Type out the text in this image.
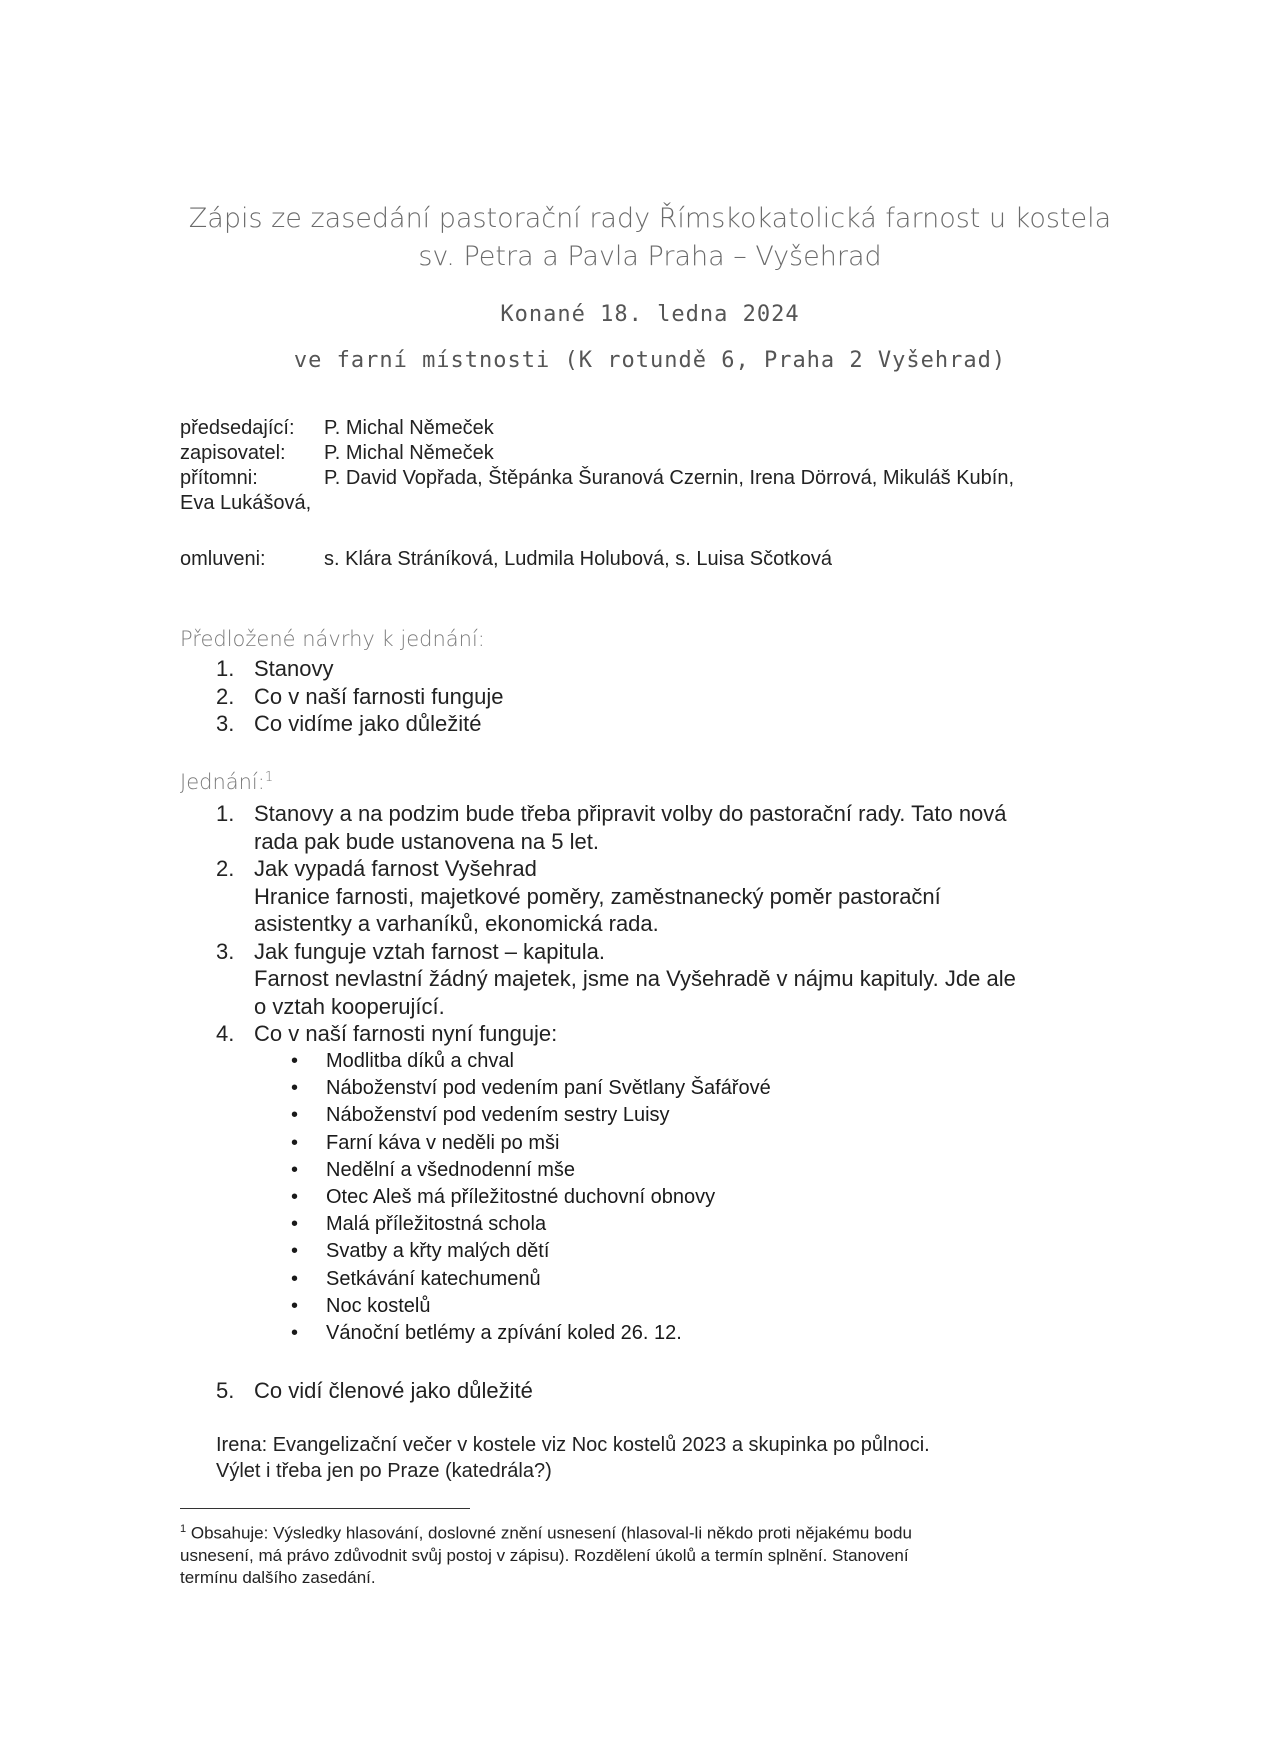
Zápis ze zasedání pastorační rady Římskokatolická farnost u kostela
sv. Petra a Pavla Praha – Vyšehrad
Konané 18. ledna 2024
ve farní místnosti (K rotundě 6, Praha 2 Vyšehrad)
předsedající: P. Michal Němeček
zapisovatel: P. Michal Němeček
přítomni:	P. David Vopřada, Štěpánka Šuranová Czernin, Irena Dörrová, Mikuláš Kubín,
Eva Lukášová,
omluveni:	s. Klára Stráníková, Ludmila Holubová, s. Luisa Sčotková
Předložené návrhy k jednání:
1. Stanovy
2. Co v naší farnosti funguje
3. Co vidíme jako důležité
Jednání:$^1$
1. Stanovy a na podzim bude třeba připravit volby do pastorační rady. Tato nová
rada pak bude ustanovena na 5 let.
2. Jak vypadá farnost Vyšehrad
Hranice farnosti, majetkové poměry, zaměstnanecký poměr pastorační
asistentky a varhaníků, ekonomická rada.
3. Jak funguje vztah farnost – kapitula.
Farnost nevlastní žádný majetek, jsme na Vyšehradě v nájmu kapituly. Jde ale
o vztah kooperující.
4. Co v naší farnosti nyní funguje:
• Modlitba díků a chval
• Náboženství pod vedením paní Světlany Šafářové
• Náboženství pod vedením sestry Luisy
• Farní káva v neděli po mši
• Nedělní a všednodenní mše
• Otec Aleš má příležitostné duchovní obnovy
• Malá příležitostná schola
• Svatby a křty malých dětí
• Setkávání katechumenů
• Noc kostelů
• Vánoční betlémy a zpívání koled 26. 12.
5. Co vidí členové jako důležité
Irena: Evangelizační večer v kostele viz Noc kostelů 2023 a skupinka po půlnoci.
Výlet i třeba jen po Praze (katedrála?)
$^1$ Obsahuje: Výsledky hlasování, doslovné znění usnesení (hlasoval-li někdo proti nějakému bodu
usnesení, má právo zdůvodnit svůj postoj v zápisu). Rozdělení úkolů a termín splnění. Stanovení
termínu dalšího zasedání.
